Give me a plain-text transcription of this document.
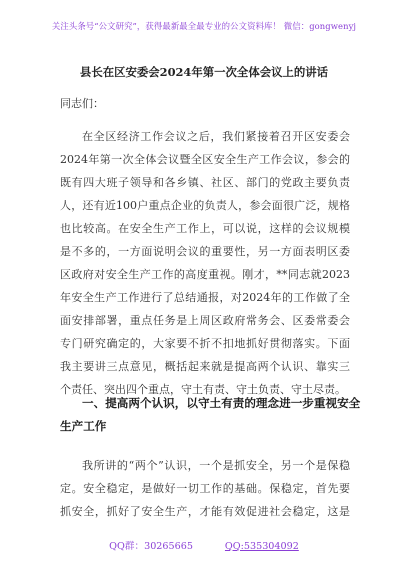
关注头条号“公文研究”，获得最新最全最专业的公文资料库！ 微信：gongwenyj
县长在区安委会2024年第一次全体会议上的讲话
同志们：
在全区经济工作会议之后，我们紧接着召开区安委会
2024年第一次全体会议暨全区安全生产工作会议，参会的
既有四大班子领导和各乡镇、社区、部门的党政主要负责
人，还有近100户重点企业的负责人，参会面很广泛，规格
也比较高。在安全生产工作上，可以说，这样的会议规模
是不多的，一方面说明会议的重要性，另一方面表明区委
区政府对安全生产工作的高度重视。刚才，**同志就2023
年安全生产工作进行了总结通报，对2024年的工作做了全
面安排部署，重点任务是上周区政府常务会、区委常委会
专门研究确定的，大家要不折不扣地抓好贯彻落实。下面
我主要讲三点意见，概括起来就是提高两个认识、靠实三
个责任、突出四个重点，守土有责、守土负责、守土尽责。
一、提高两个认识，以守土有责的理念进一步重视安全
生产工作
我所讲的“两个”认识，一个是抓安全，另一个是保稳
定。安全稳定，是做好一切工作的基础。保稳定，首先要
抓安全，抓好了安全生产，才能有效促进社会稳定，这是
QQ群：30265665	QQ:535304092
